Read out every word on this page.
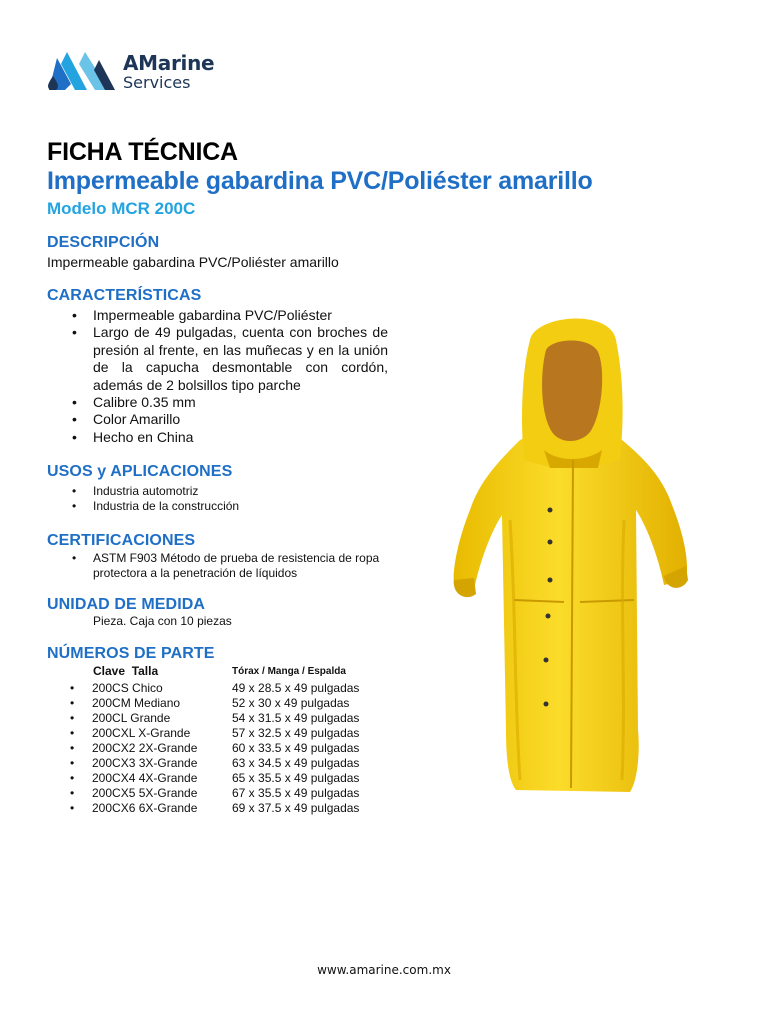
AMarine
Services
FICHA TÉCNICA
Impermeable gabardina PVC/Poliéster amarillo
Modelo MCR 200C
DESCRIPCIÓN
Impermeable gabardina PVC/Poliéster amarillo
CARACTERÍSTICAS
• Impermeable gabardina PVC/Poliéster
• Largo de 49 pulgadas, cuenta con broches de presión al frente, en las muñecas y en la unión de la capucha desmontable con cordón, además de 2 bolsillos tipo parche
• Calibre 0.35 mm
• Color Amarillo
• Hecho en China
USOS y APLICACIONES
• Industria automotriz
• Industria de la construcción
CERTIFICACIONES
• ASTM F903 Método de prueba de resistencia de ropa protectora a la penetración de líquidos
UNIDAD DE MEDIDA
Pieza. Caja con 10 piezas
NÚMEROS DE PARTE
Clave  Talla	Tórax / Manga / Espalda
• 200CS Chico	49 x 28.5 x 49 pulgadas
• 200CM Mediano	52 x 30 x 49 pulgadas
• 200CL Grande	54 x 31.5 x 49 pulgadas
• 200CXL X-Grande	57 x 32.5 x 49 pulgadas
• 200CX2 2X-Grande	60 x 33.5 x 49 pulgadas
• 200CX3 3X-Grande	63 x 34.5 x 49 pulgadas
• 200CX4 4X-Grande	65 x 35.5 x 49 pulgadas
• 200CX5 5X-Grande	67 x 35.5 x 49 pulgadas
• 200CX6 6X-Grande	69 x 37.5 x 49 pulgadas
www.amarine.com.mx
